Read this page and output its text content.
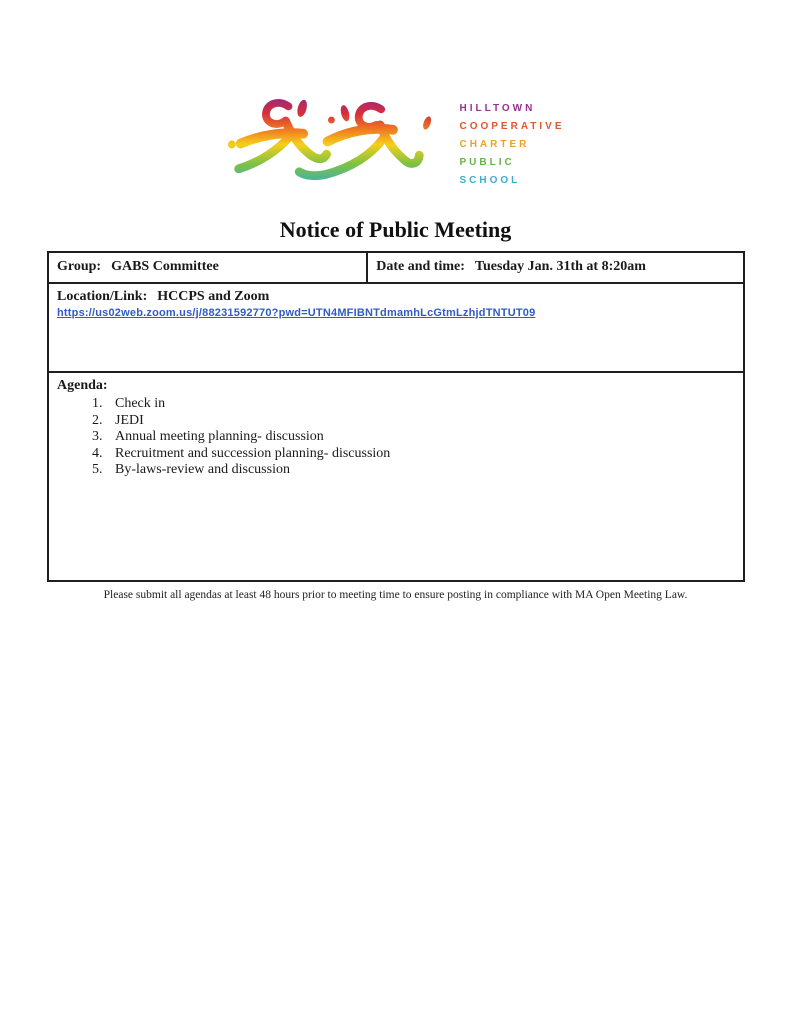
HILLTOWN
COOPERATIVE
CHARTER
PUBLIC
SCHOOL
Notice of Public Meeting
Group: GABS Committee	Date and time: Tuesday Jan. 31th at 8:20am
Location/Link: HCCPS and Zoom
https://us02web.zoom.us/j/88231592770?pwd=UTN4MFIBNTdmamhLcGtmLzhjdTNTUT09
Agenda:
1. Check in
2. JEDI
3. Annual meeting planning- discussion
4. Recruitment and succession planning- discussion
5. By-laws-review and discussion
Please submit all agendas at least 48 hours prior to meeting time to ensure posting in compliance with MA Open Meeting Law.
